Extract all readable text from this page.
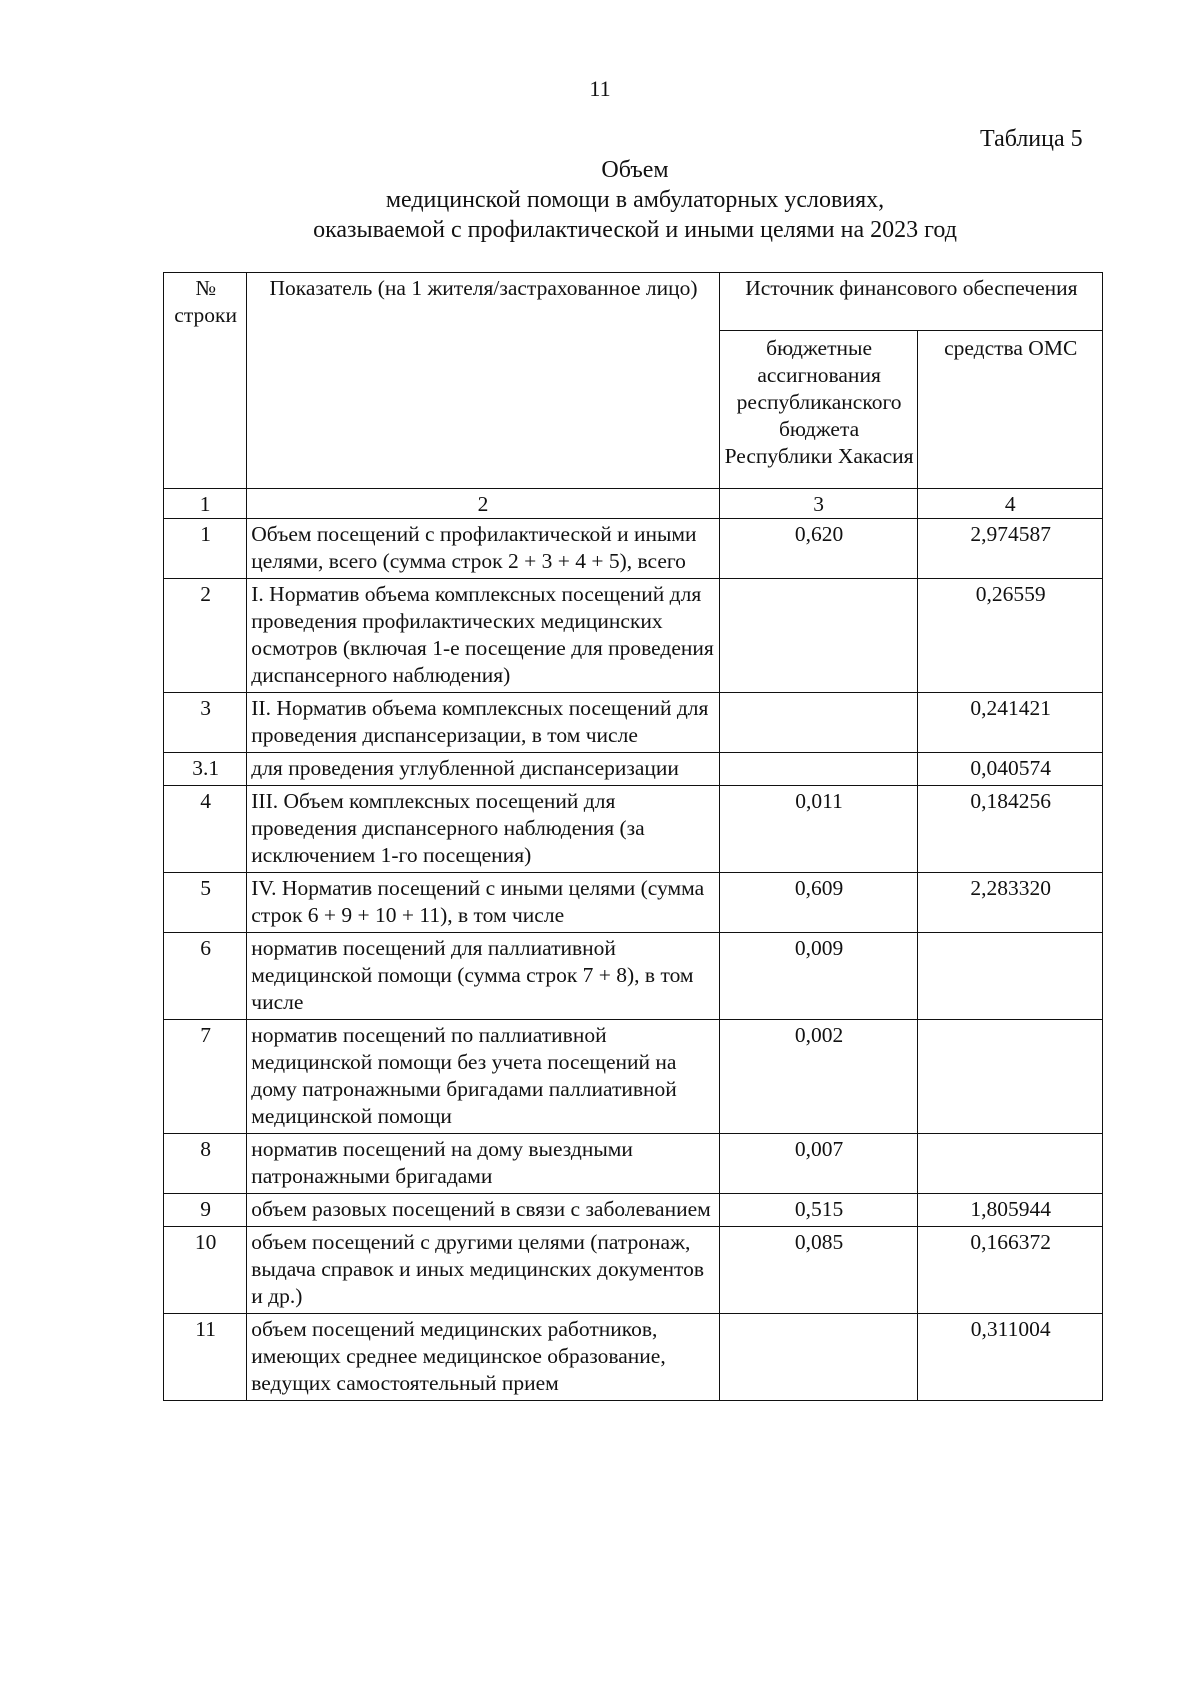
11
Таблица 5
Объем
медицинской помощи в амбулаторных условиях,
оказываемой с профилактической и иными целями на 2023 год
№ строки	Показатель (на 1 жителя/застрахованное лицо)	Источник финансового обеспечения	
		бюджетные ассигнования республиканского бюджета Республики Хакасия	средства ОМС
1	2	3	4
1	Объем посещений с профилактической и иными целями, всего (сумма строк 2 + 3 + 4 + 5), всего	0,620	2,974587
2	I. Норматив объема комплексных посещений для проведения профилактических медицинских осмотров (включая 1-е посещение для проведения диспансерного наблюдения)		0,26559
3	II. Норматив объема комплексных посещений для проведения диспансеризации, в том числе		0,241421
3.1	для проведения углубленной диспансеризации		0,040574
4	III. Объем комплексных посещений для проведения диспансерного наблюдения (за исключением 1-го посещения)	0,011	0,184256
5	IV. Норматив посещений с иными целями (сумма строк 6 + 9 + 10 + 11), в том числе	0,609	2,283320
6	норматив посещений для паллиативной медицинской помощи (сумма строк 7 + 8), в том числе	0,009	
7	норматив посещений по паллиативной медицинской помощи без учета посещений на дому патронажными бригадами паллиативной медицинской помощи	0,002	
8	норматив посещений на дому выездными патронажными бригадами	0,007	
9	объем разовых посещений в связи с заболеванием	0,515	1,805944
10	объем посещений с другими целями (патронаж, выдача справок и иных медицинских документов и др.)	0,085	0,166372
11	объем посещений медицинских работников, имеющих среднее медицинское образование, ведущих самостоятельный прием		0,311004
